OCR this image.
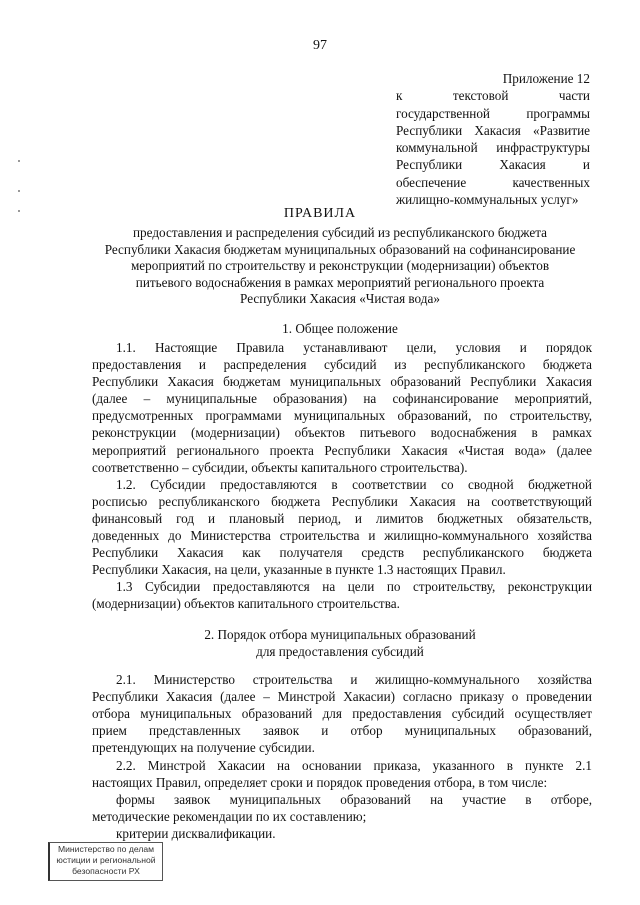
97
Приложение 12
к текстовой части
государственной программы
Республики Хакасия «Развитие
коммунальной инфраструктуры
Республики Хакасия и
обеспечение качественных
жилищно-коммунальных услуг»
ПРАВИЛА
предоставления и распределения субсидий из республиканского бюджета
Республики Хакасия бюджетам муниципальных образований на софинансирование
мероприятий по строительству и реконструкции (модернизации) объектов
питьевого водоснабжения в рамках мероприятий регионального проекта
Республики Хакасия «Чистая вода»
1. Общее положение
1.1. Настоящие Правила устанавливают цели, условия и порядок
предоставления и распределения субсидий из республиканского бюджета
Республики Хакасия бюджетам муниципальных образований Республики Хакасия
(далее – муниципальные образования) на софинансирование мероприятий,
предусмотренных программами муниципальных образований, по строительству,
реконструкции (модернизации) объектов питьевого водоснабжения в рамках
мероприятий регионального проекта Республики Хакасия «Чистая вода» (далее
соответственно – субсидии, объекты капитального строительства).
1.2. Субсидии предоставляются в соответствии со сводной бюджетной
росписью республиканского бюджета Республики Хакасия на соответствующий
финансовый год и плановый период, и лимитов бюджетных обязательств,
доведенных до Министерства строительства и жилищно-коммунального хозяйства
Республики Хакасия как получателя средств республиканского бюджета
Республики Хакасия, на цели, указанные в пункте 1.3 настоящих Правил.
1.3 Субсидии предоставляются на цели по строительству, реконструкции
(модернизации) объектов капитального строительства.
2. Порядок отбора муниципальных образований
для предоставления субсидий
2.1. Министерство строительства и жилищно-коммунального хозяйства
Республики Хакасия (далее – Минстрой Хакасии) согласно приказу о проведении
отбора муниципальных образований для предоставления субсидий осуществляет
прием представленных заявок и отбор муниципальных образований,
претендующих на получение субсидии.
2.2. Минстрой Хакасии на основании приказа, указанного в пункте 2.1
настоящих Правил, определяет сроки и порядок проведения отбора, в том числе:
формы заявок муниципальных образований на участие в отборе,
методические рекомендации по их составлению;
критерии дисквалификации.
Министерство по делам
юстиции и региональной
безопасности РХ
